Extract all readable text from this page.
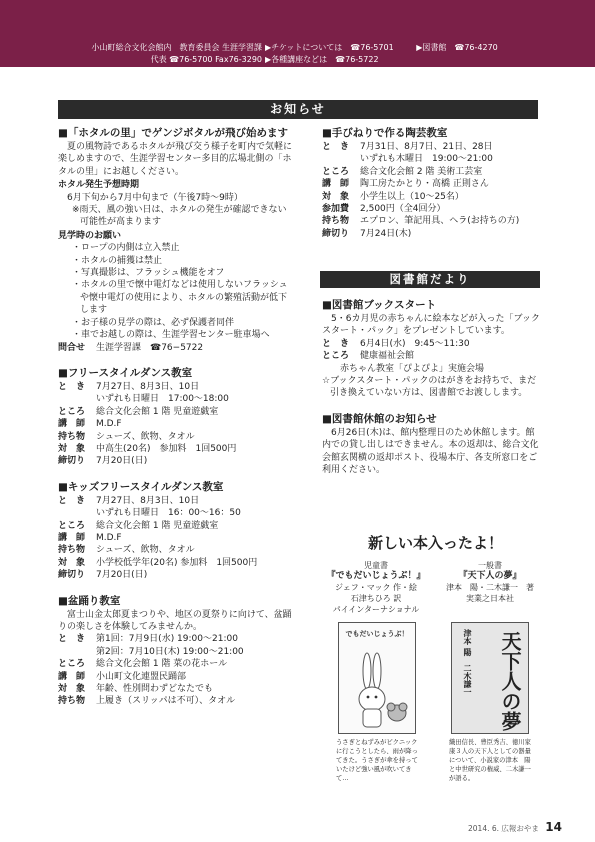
小山町総合文化会館内　教育委員会 生涯学習課
代表 ☎76-5700 Fax76-3290
▶チケットについては　☎76-5701	▶図書館　☎76-4270
▶各種講座などは　☎76-5722
お知らせ

■「ホタルの里」でゲンジボタルが飛び始めます

夏の風物詩であるホタルが飛び交う様子を町内で気軽に楽しめますので、生涯学習センター多目的広場北側の「ホタルの里」にお越しください。

ホタル発生予想時期

6月下旬から7月中旬まで（午後7時〜9時）

※雨天、風の強い日は、ホタルの発生が確認できない可能性が高まります

見学時のお願い

・ロープの内側は立入禁止

・ホタルの捕獲は禁止

・写真撮影は、フラッシュ機能をオフ

・ホタルの里で懐中電灯などは使用しないフラッシュや懐中電灯の使用により、ホタルの繁殖活動が低下します

・お子様の見学の際は、必ず保護者同伴

・車でお越しの際は、生涯学習センター駐車場へ

問合せ	生涯学習課　☎76−5722

■フリースタイルダンス教室

と　き	7月27日、8月3日、10日

いずれも日曜日　17:00〜18:00

ところ	総合文化会館 1 階 児童遊戯室
講　師	M.D.F
持ち物	シューズ、飲物、タオル
対　象	中高生(20名)　参加料　1回500円
締切り	7月20日(日)

■キッズフリースタイルダンス教室

と　き	7月27日、8月3日、10日

いずれも日曜日　16：00〜16：50

ところ	総合文化会館 1 階 児童遊戯室
講　師	M.D.F
持ち物	シューズ、飲物、タオル
対　象	小学校低学年(20名) 参加料　1回500円
締切り	7月20日(日)

■盆踊り教室

富士山金太郎夏まつりや、地区の夏祭りに向けて、盆踊りの楽しさを体験してみませんか。

と　き	第1回：7月9日(水) 19:00〜21:00

第2回：7月10日(木) 19:00〜21:00

ところ	総合文化会館 1 階 菜の花ホール
講　師	小山町文化連盟民踊部
対　象	年齢、性別問わずどなたでも
持ち物	上履き（スリッパは不可）、タオル

■手びねりで作る陶芸教室

と　き	7月31日、8月7日、21日、28日

いずれも木曜日　19:00〜21:00

ところ	総合文化会館 2 階 美術工芸室
講　師	陶工房たかとり・高橋 正則さん
対　象	小学生以上（10〜25名）
参加費	2,500円（全4回分）
持ち物	エプロン、筆記用具、ヘラ(お持ちの方)
締切り	7月24日(木)
図書館だより

■図書館ブックスタート

5・6カ月児の赤ちゃんに絵本などが入った「ブックスタート・パック」をプレゼントしています。

と　き	6月4日(水)　9:45〜11:30
ところ	健康福祉会館

赤ちゃん教室「ぴよぴよ」実施会場

☆ブックスタート・パックのはがきをお持ちで、まだ引き換えていない方は、図書館でお渡しします。

■図書館休館のお知らせ

6月26日(木)は、館内整理日のため休館します。館内での貸し出しはできません。本の返却は、総合文化会館玄関横の返却ポスト、役場本庁、各支所窓口をご利用ください。

新しい本入ったよ！
児童書
『でもだいじょうぶ！』
ジェフ・マック 作・絵
石津ちひろ 訳
パイインターナショナル
でもだいじょうぶ！
うさぎとねずみがピクニックに行こうとしたら、雨が降ってきた。うさぎが傘を持っていたけど強い風が吹いてきて…
一般書
『天下人の夢』
津本　陽・二木謙一　著
実業之日本社
津本 陽　二木謙一	天下人の夢
織田信長、豊臣秀吉、徳川家康３人の天下人としての器量について、小説家の津本　陽と中世研究の権威、二木謙一が語る。
2014. 6. 広報おやま 14
